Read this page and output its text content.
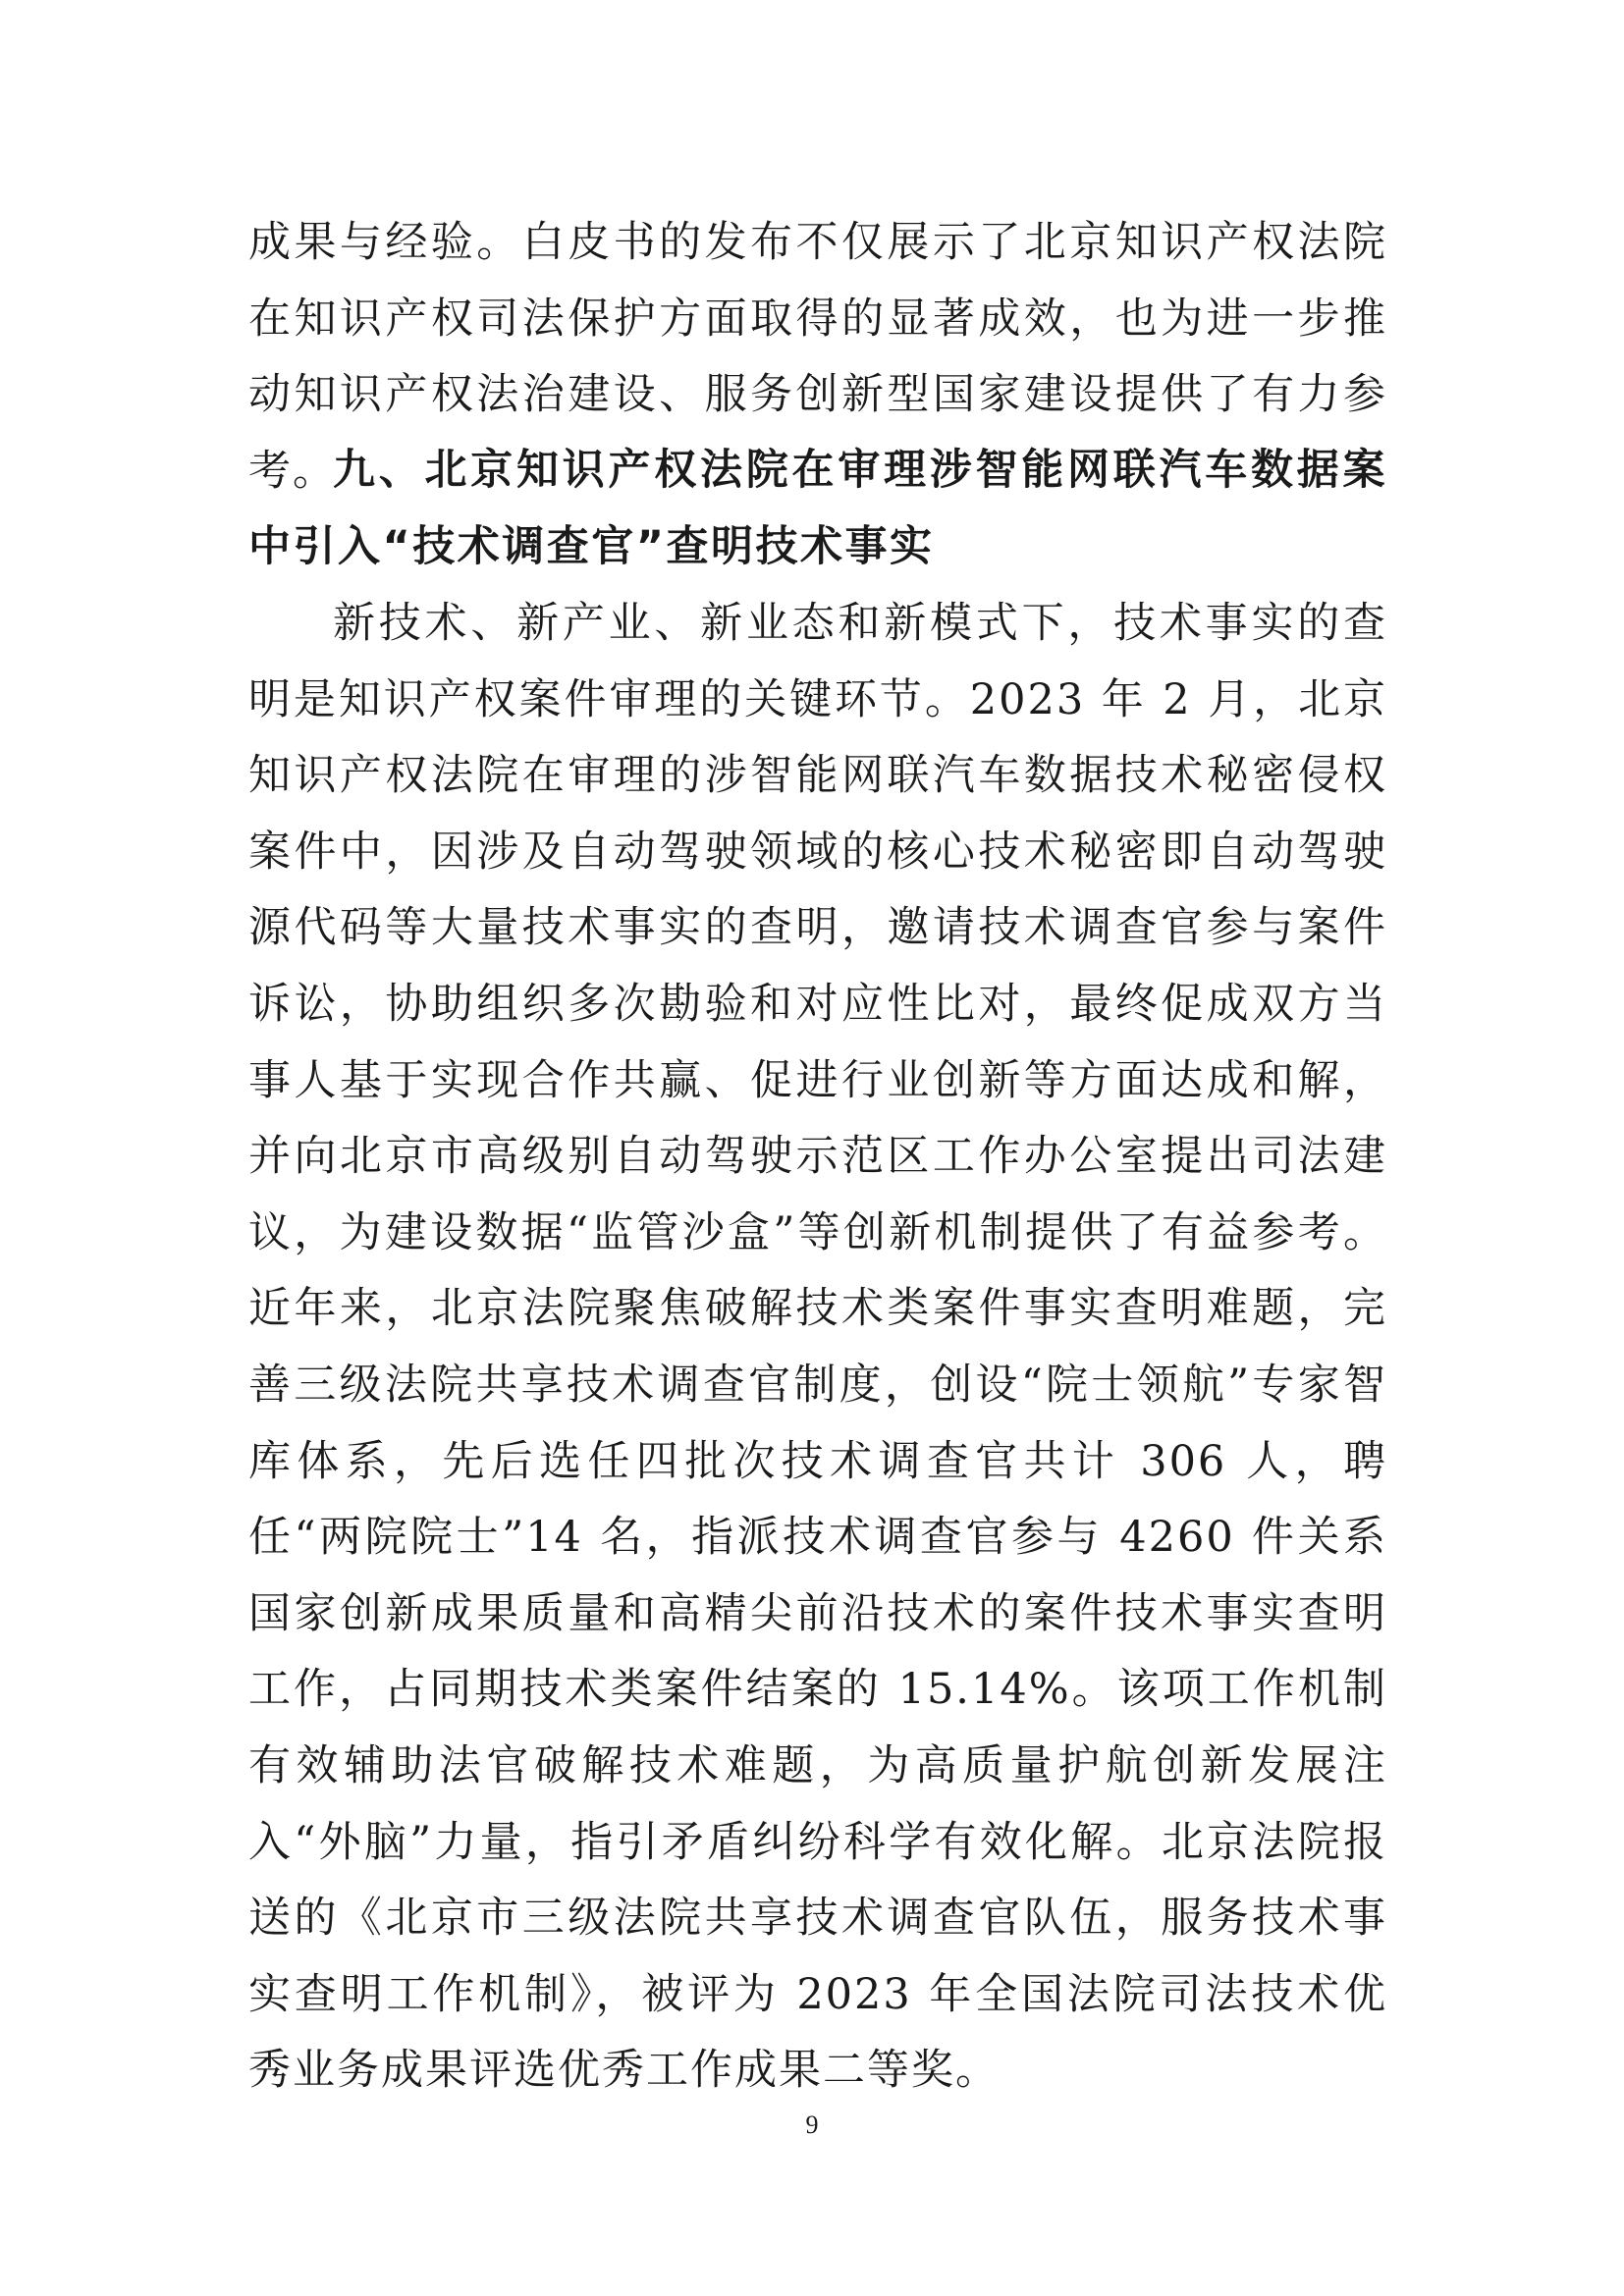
成果与经验。白皮书的发布不仅展示了北京知识产权法院在知识产权司法保护方面取得的显著成效，也为进一步推动知识产权法治建设、服务创新型国家建设提供了有力参考。

九、北京知识产权法院在审理涉智能网联汽车数据案中引入“技术调查官”查明技术事实

新技术、新产业、新业态和新模式下，技术事实的查明是知识产权案件审理的关键环节。2023 年 2 月，北京知识产权法院在审理的涉智能网联汽车数据技术秘密侵权案件中，因涉及自动驾驶领域的核心技术秘密即自动驾驶源代码等大量技术事实的查明，邀请技术调查官参与案件诉讼，协助组织多次勘验和对应性比对，最终促成双方当事人基于实现合作共赢、促进行业创新等方面达成和解，并向北京市高级别自动驾驶示范区工作办公室提出司法建议，为建设数据“监管沙盒”等创新机制提供了有益参考。近年来，北京法院聚焦破解技术类案件事实查明难题，完善三级法院共享技术调查官制度，创设“院士领航”专家智库体系，先后选任四批次技术调查官共计 306 人，聘任“两院院士”14 名，指派技术调查官参与 4260 件关系国家创新成果质量和高精尖前沿技术的案件技术事实查明工作，占同期技术类案件结案的 15.14%。该项工作机制有效辅助法官破解技术难题，为高质量护航创新发展注入“外脑”力量，指引矛盾纠纷科学有效化解。北京法院报送的《北京市三级法院共享技术调查官队伍，服务技术事实查明工作机制》，被评为 2023 年全国法院司法技术优秀业务成果评选优秀工作成果二等奖。

9
